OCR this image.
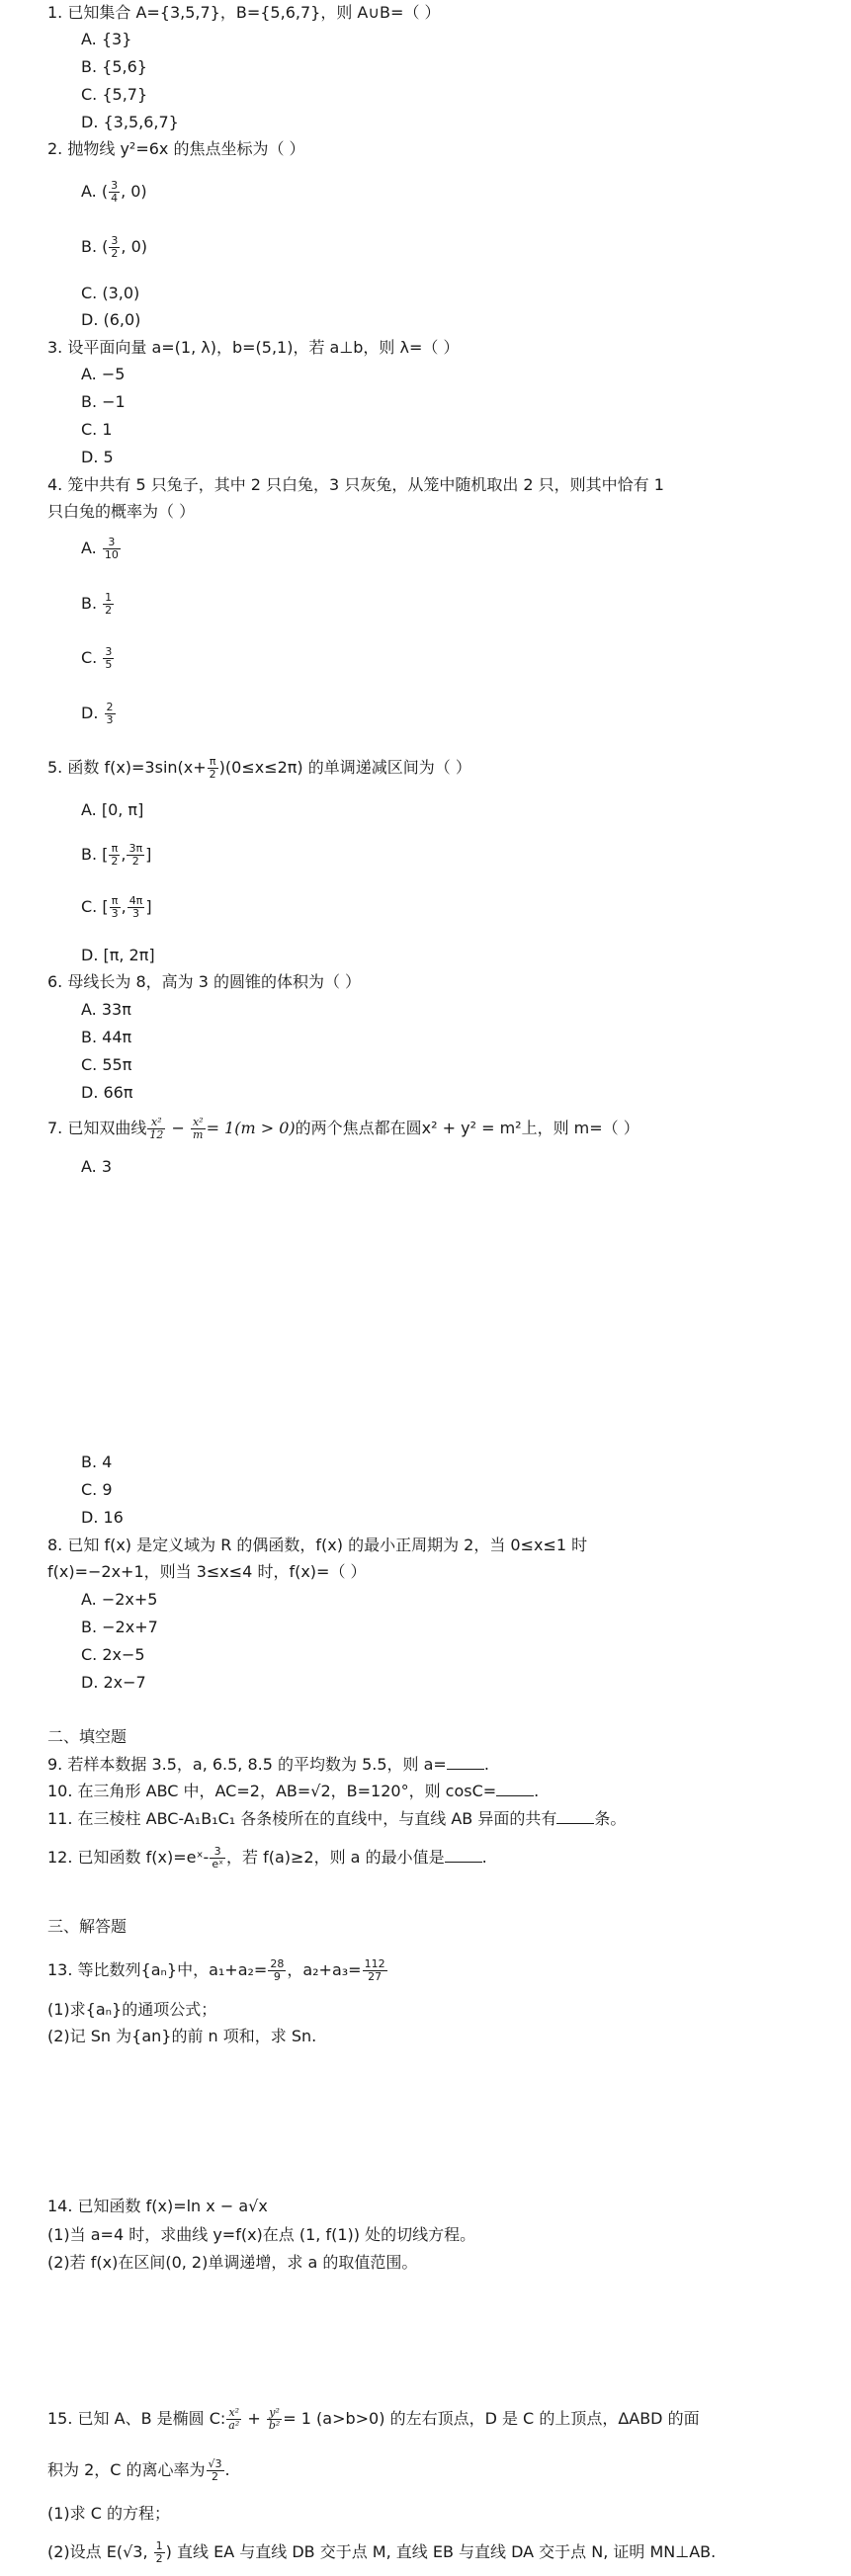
1. 已知集合 A={3,5,7}，B={5,6,7}，则 A∪B=（ ）
A. {3}
B. {5,6}
C. {5,7}
D. {3,5,6,7}
2. 抛物线 y²=6x 的焦点坐标为（ ）
A. ( $\frac{3}{4}$ , 0)
B. ( $\frac{3}{2}$ , 0)
C. (3,0)
D. (6,0)
3. 设平面向量 a=(1, λ)，b=(5,1)，若 a⊥b，则 λ=（ ）
A. −5
B. −1
C. 1
D. 5
4. 笼中共有 5 只兔子，其中 2 只白兔，3 只灰兔，从笼中随机取出 2 只，则其中恰有 1
只白兔的概率为（ ）
A. $\frac{3}{10}$
B. $\frac{1}{2}$
C. $\frac{3}{5}$
D. $\frac{2}{3}$
5. 函数 $f(x)=3\sin(x+ \frac{\pi}{2} )(0\le x\le 2\pi)$ 的单调递减区间为（ ）
A. [0, π]
B. [ $\frac{\pi}{2}$ , $\frac{3\pi}{2}$ ]
C. [ $\frac{\pi}{3}$ , $\frac{4\pi}{3}$ ]
D. [π, 2π]
6. 母线长为 8，高为 3 的圆锥的体积为（ ）
A. 33π
B. 44π
C. 55π
D. 66π
7. 已知双曲线 $\frac{\text{x²}}{12} - \frac{\text{x²}}{m} = 1(m > 0)$的两个焦点都在圆x² + y² = m²上，则 m=（ ）
A. 3
B. 4
C. 9
D. 16
8. 已知 f(x) 是定义域为 R 的偶函数，f(x) 的最小正周期为 2，当 0≤x≤1 时
f(x)=−2x+1，则当 3≤x≤4 时，f(x)=（ ）
A. −2x+5
B. −2x+7
C. 2x−5
D. 2x−7
二、填空题
9. 若样本数据 3.5，a, 6.5, 8.5 的平均数为 5.5，则 a= .
10. 在三角形 ABC 中，AC=2，AB=√2，B=120°，则 cosC= .
11. 在三棱柱 ABC-A₁B₁C₁ 各条棱所在的直线中，与直线 AB 异面的共有 条。
12. 已知函数 f(x)=eˣ- $\frac{3}{\text{eˣ}}$ ，若 f(a)≥2，则 a 的最小值是 .
三、解答题
13. 等比数列{aₙ}中，$a_1+a_2= \frac{28}{9}$ ，$a_2+a_3= \frac{112}{27}$
(1)求{aₙ}的通项公式；
(2)记 Sn 为{an}的前 n 项和，求 Sn.
14. 已知函数 f(x)=ln x − a√x
(1)当 a=4 时，求曲线 y=f(x)在点 (1, f(1)) 处的切线方程。
(2)若 f(x)在区间(0, 2)单调递增，求 a 的取值范围。
15. 已知 A、B 是椭圆 C: $\frac{\text{x²}}{\text{a²}} + \frac{\text{y²}}{\text{b²}} = 1$ (a>b>0) 的左右顶点，D 是 C 的上顶点，ΔABD 的面
积为 2，C 的离心率为 $\frac{√3}{2}$ .
(1)求 C 的方程；
(2)设点 E(√3, $\frac{1}{2}$ ) 直线 EA 与直线 DB 交于点 M, 直线 EB 与直线 DA 交于点 N, 证明 MN⊥AB.
